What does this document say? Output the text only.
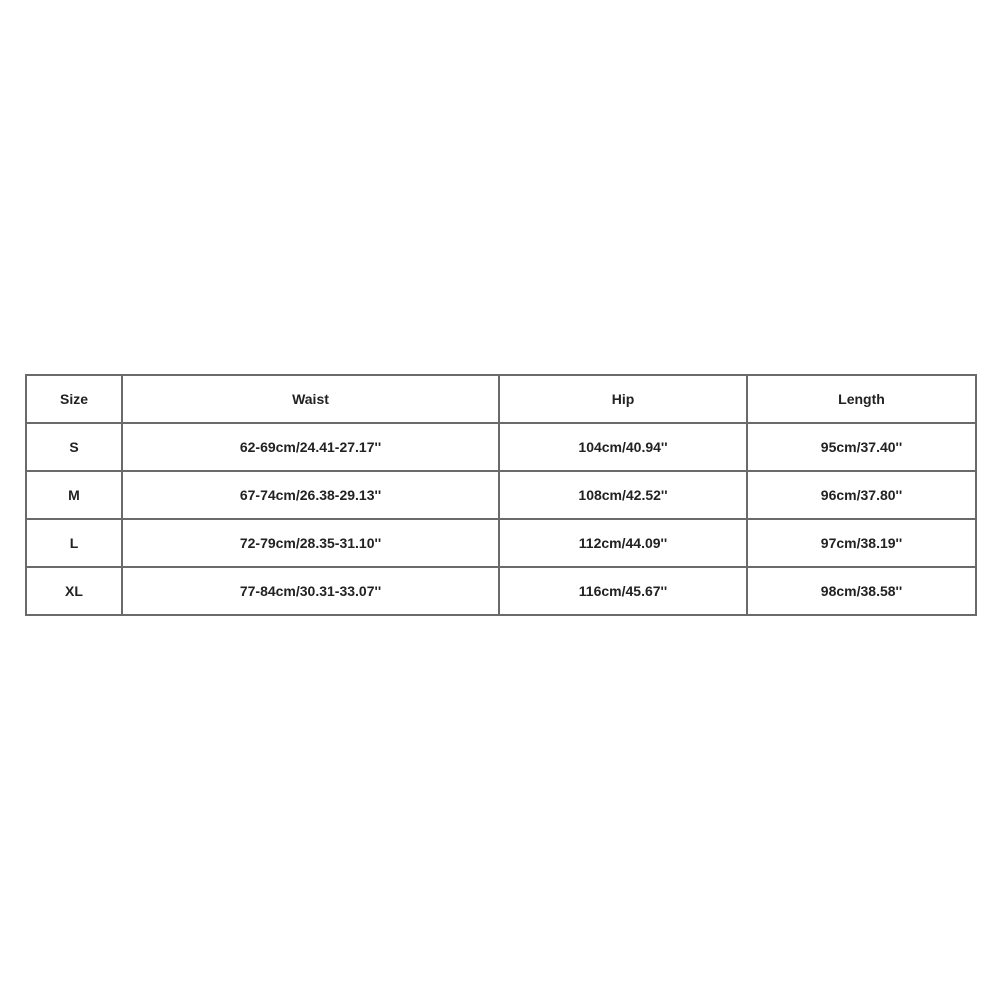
Size	Waist	Hip	Length
S	62-69cm/24.41-27.17''	104cm/40.94''	95cm/37.40''
M	67-74cm/26.38-29.13''	108cm/42.52''	96cm/37.80''
L	72-79cm/28.35-31.10''	112cm/44.09''	97cm/38.19''
XL	77-84cm/30.31-33.07''	116cm/45.67''	98cm/38.58''
